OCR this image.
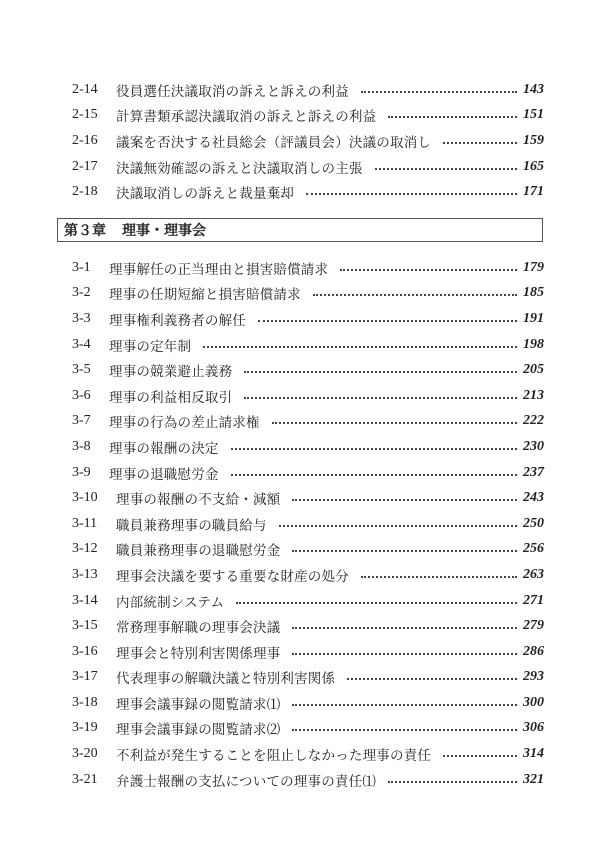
2-14	役員選任決議取消の訴えと訴えの利益	143
2-15	計算書類承認決議取消の訴えと訴えの利益	151
2-16	議案を否決する社員総会（評議員会）決議の取消し	159
2-17	決議無効確認の訴えと決議取消しの主張	165
2-18	決議取消しの訴えと裁量棄却	171
第３章 理事・理事会
3-1	理事解任の正当理由と損害賠償請求	179
3-2	理事の任期短縮と損害賠償請求	185
3-3	理事権利義務者の解任	191
3-4	理事の定年制	198
3-5	理事の競業避止義務	205
3-6	理事の利益相反取引	213
3-7	理事の行為の差止請求権	222
3-8	理事の報酬の決定	230
3-9	理事の退職慰労金	237
3-10	理事の報酬の不支給・減額	243
3-11	職員兼務理事の職員給与	250
3-12	職員兼務理事の退職慰労金	256
3-13	理事会決議を要する重要な財産の処分	263
3-14	内部統制システム	271
3-15	常務理事解職の理事会決議	279
3-16	理事会と特別利害関係理事	286
3-17	代表理事の解職決議と特別利害関係	293
3-18	理事会議事録の閲覧請求⑴	300
3-19	理事会議事録の閲覧請求⑵	306
3-20	不利益が発生することを阻止しなかった理事の責任	314
3-21	弁護士報酬の支払についての理事の責任⑴	321
